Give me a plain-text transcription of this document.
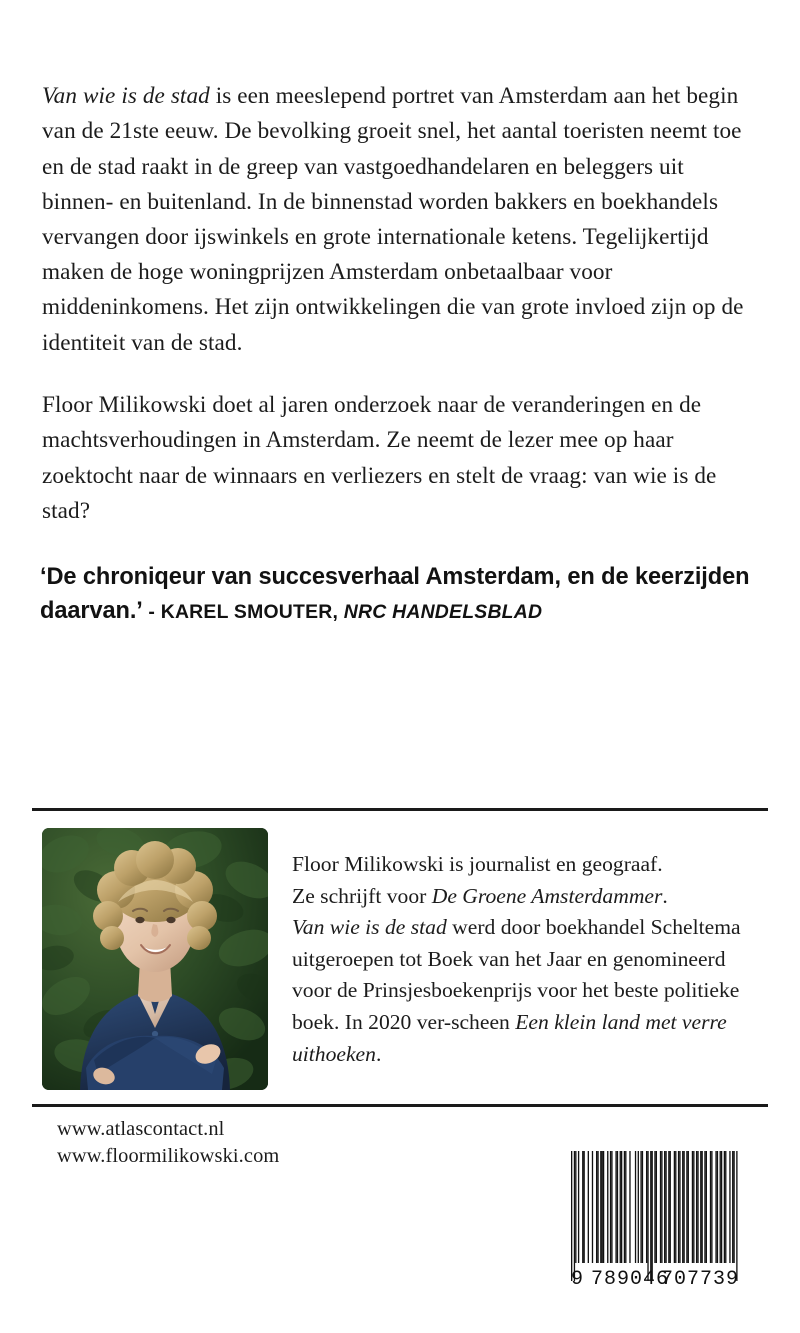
Van wie is de stad is een meeslepend portret van Amsterdam aan het begin van de 21ste eeuw. De bevolking groeit snel, het aantal toeristen neemt toe en de stad raakt in de greep van vastgoedhandelaren en beleggers uit binnen- en buitenland. In de binnenstad worden bakkers en boekhandels vervangen door ijswinkels en grote internationale ketens. Tegelijkertijd maken de hoge woningprijzen Amsterdam onbetaalbaar voor middeninkomens. Het zijn ontwikkelingen die van grote invloed zijn op de identiteit van de stad.

Floor Milikowski doet al jaren onderzoek naar de veranderingen en de machtsverhoudingen in Amsterdam. Ze neemt de lezer mee op haar zoektocht naar de winnaars en verliezers en stelt de vraag: van wie is de stad?

‘De chroniqeur van succesverhaal Amsterdam, en de keerzijden daarvan.’ - KAREL SMOUTER, NRC HANDELSBLAD
Floor Milikowski is journalist en geograaf.
Ze schrijft voor De Groene Amsterdammer.
Van wie is de stad werd door boekhandel Scheltema uitgeroepen tot Boek van het Jaar en genomineerd voor de Prinsjesboekenprijs voor het beste politieke boek. In 2020 ver-scheen Een klein land met verre uithoeken.
www.atlascontact.nl
www.floormilikowski.com
9 789046
707739
